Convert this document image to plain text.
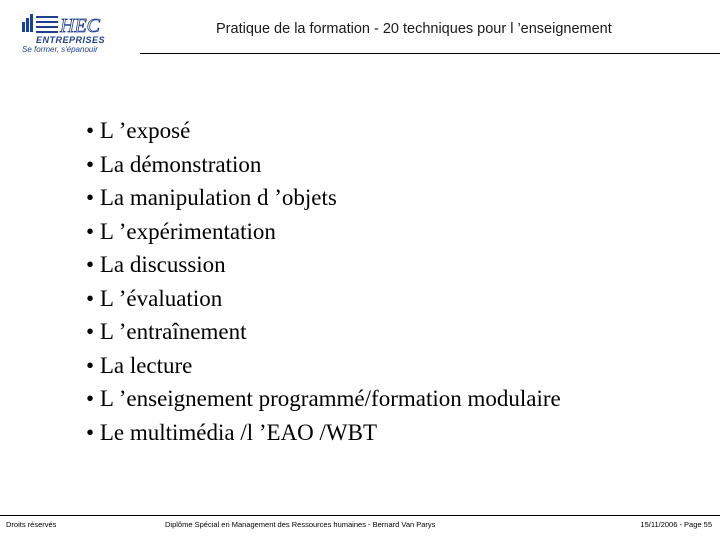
HEC
ENTREPRISES
Se former, s'épanouir
Pratique de la formation - 20 techniques pour l ’enseignement
• L ’exposé
• La démonstration
• La manipulation d ’objets
• L ’expérimentation
• La discussion
• L ’évaluation
• L ’entraînement
• La lecture
• L ’enseignement programmé/formation modulaire
• Le multimédia /l ’EAO /WBT
Droits réservés	Diplôme Spécial en Management des Ressources humaines - Bernard Van Parys	15/11/2006 - Page 55
